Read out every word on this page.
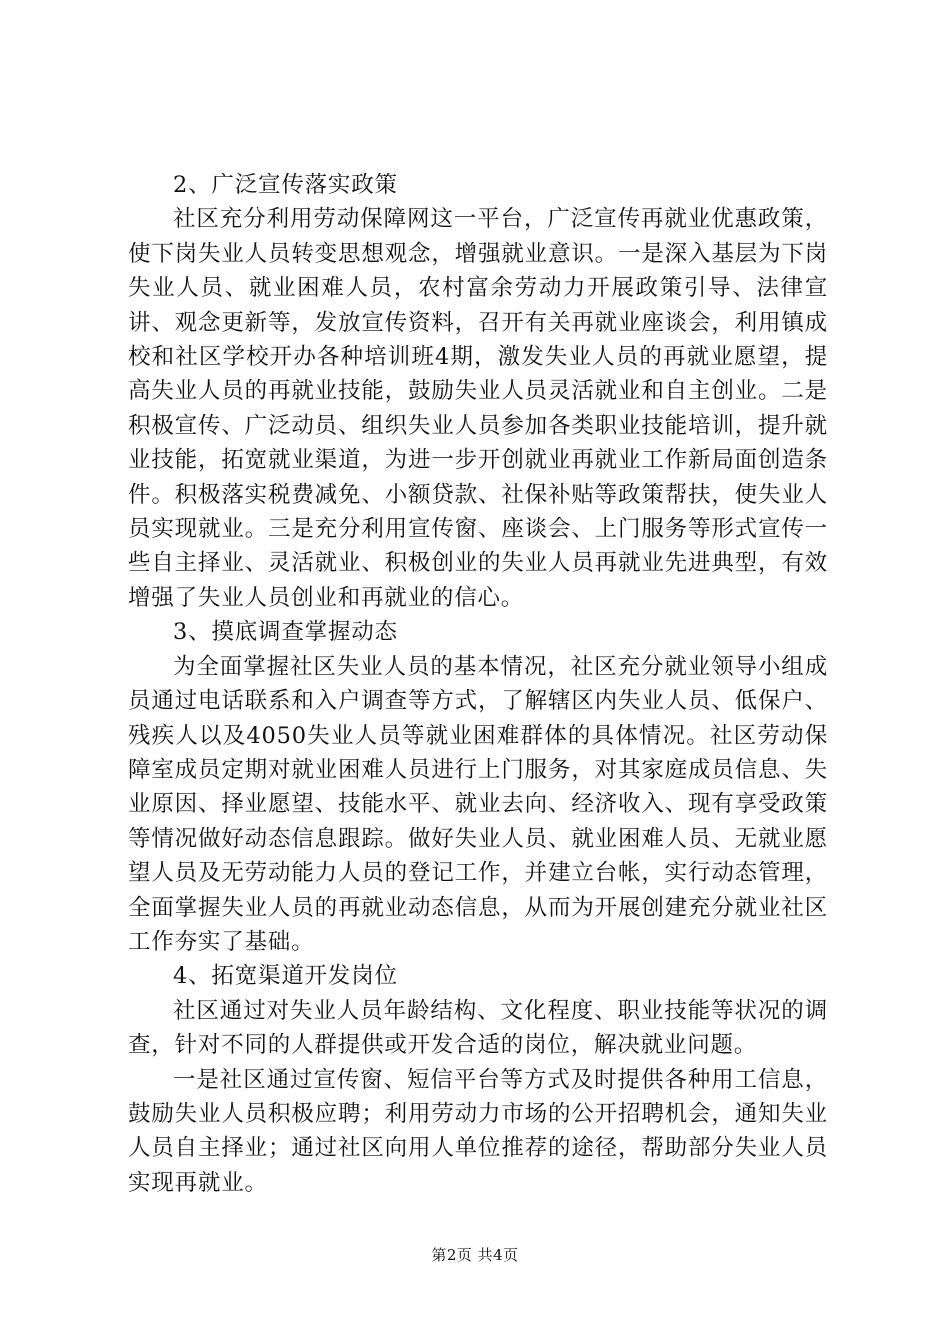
2、广泛宣传落实政策

社区充分利用劳动保障网这一平台，广泛宣传再就业优惠政策，使下岗失业人员转变思想观念，增强就业意识。一是深入基层为下岗失业人员、就业困难人员，农村富余劳动力开展政策引导、法律宣讲、观念更新等，发放宣传资料，召开有关再就业座谈会，利用镇成校和社区学校开办各种培训班4期，激发失业人员的再就业愿望，提高失业人员的再就业技能，鼓励失业人员灵活就业和自主创业。二是积极宣传、广泛动员、组织失业人员参加各类职业技能培训，提升就业技能，拓宽就业渠道，为进一步开创就业再就业工作新局面创造条件。积极落实税费减免、小额贷款、社保补贴等政策帮扶，使失业人员实现就业。三是充分利用宣传窗、座谈会、上门服务等形式宣传一些自主择业、灵活就业、积极创业的失业人员再就业先进典型，有效增强了失业人员创业和再就业的信心。

3、摸底调查掌握动态

为全面掌握社区失业人员的基本情况，社区充分就业领导小组成员通过电话联系和入户调查等方式，了解辖区内失业人员、低保户、残疾人以及4050失业人员等就业困难群体的具体情况。社区劳动保障室成员定期对就业困难人员进行上门服务，对其家庭成员信息、失业原因、择业愿望、技能水平、就业去向、经济收入、现有享受政策等情况做好动态信息跟踪。做好失业人员、就业困难人员、无就业愿望人员及无劳动能力人员的登记工作，并建立台帐，实行动态管理，全面掌握失业人员的再就业动态信息，从而为开展创建充分就业社区工作夯实了基础。

4、拓宽渠道开发岗位

社区通过对失业人员年龄结构、文化程度、职业技能等状况的调查，针对不同的人群提供或开发合适的岗位，解决就业问题。

一是社区通过宣传窗、短信平台等方式及时提供各种用工信息，鼓励失业人员积极应聘；利用劳动力市场的公开招聘机会，通知失业人员自主择业；通过社区向用人单位推荐的途径，帮助部分失业人员实现再就业。

第2页 共4页
